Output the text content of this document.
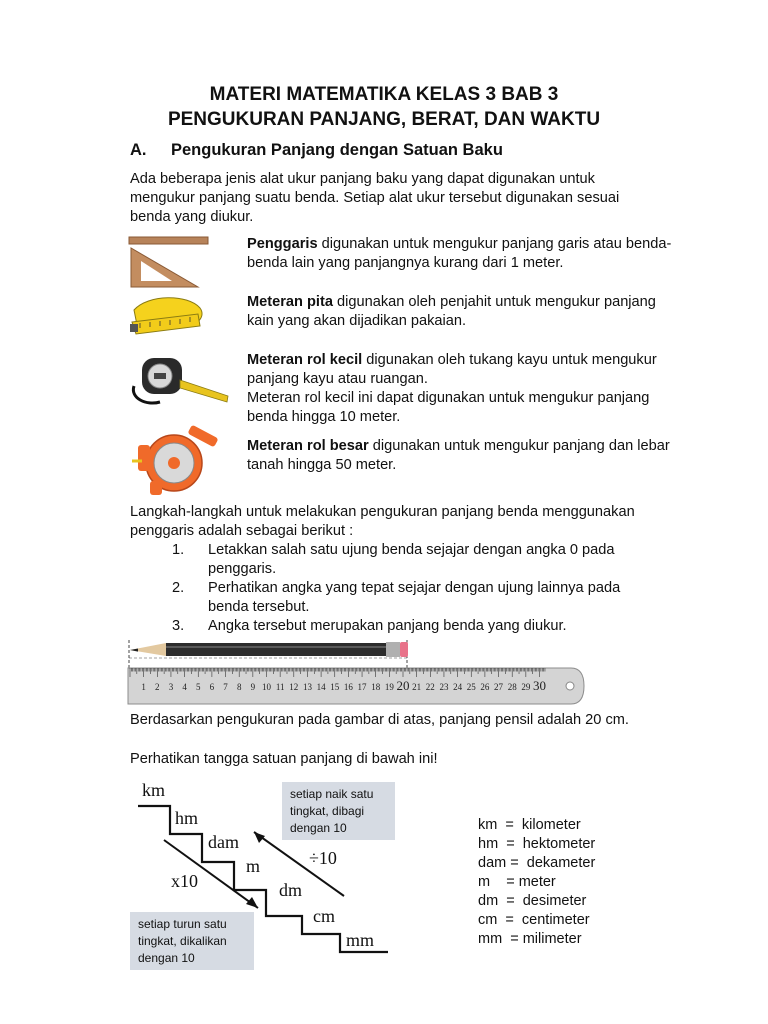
MATERI MATEMATIKA KELAS 3 BAB 3
PENGUKURAN PANJANG, BERAT, DAN WAKTU
A. Pengukuran Panjang dengan Satuan Baku
Ada beberapa jenis alat ukur panjang baku yang dapat digunakan untuk
mengukur panjang suatu benda. Setiap alat ukur tersebut digunakan sesuai
benda yang diukur.
Penggaris digunakan untuk mengukur panjang garis atau benda-
benda lain yang panjangnya kurang dari 1 meter.
Meteran pita digunakan oleh penjahit untuk mengukur panjang
kain yang akan dijadikan pakaian.
Meteran rol kecil digunakan oleh tukang kayu untuk mengukur
panjang kayu atau ruangan.
Meteran rol kecil ini dapat digunakan untuk mengukur panjang
benda hingga 10 meter.
Meteran rol besar digunakan untuk mengukur panjang dan lebar
tanah hingga 50 meter.
Langkah-langkah untuk melakukan pengukuran panjang benda menggunakan
penggaris adalah sebagai berikut :
1. Letakkan salah satu ujung benda sejajar dengan angka 0 pada
penggaris.
2. Perhatikan angka yang tepat sejajar dengan ujung lainnya pada
benda tersebut.
3. Angka tersebut merupakan panjang benda yang diukur.
1 2 3 4 5 6 7 8 9 10 11 12 13 14 15 16 17 18 19 20 21 22 23 24 25 26 27 28 29 30
Berdasarkan pengukuran pada gambar di atas, panjang pensil adalah 20 cm.
Perhatikan tangga satuan panjang di bawah ini!
km
hm
dam
m
dm
cm
mm
x10
÷10
setiap naik satu
tingkat, dibagi
dengan 10
setiap turun satu
tingkat, dikalikan
dengan 10
km  =  kilometer
hm  =  hektometer
dam =  dekameter
m    = meter
dm  =  desimeter
cm  =  centimeter
mm  = milimeter
